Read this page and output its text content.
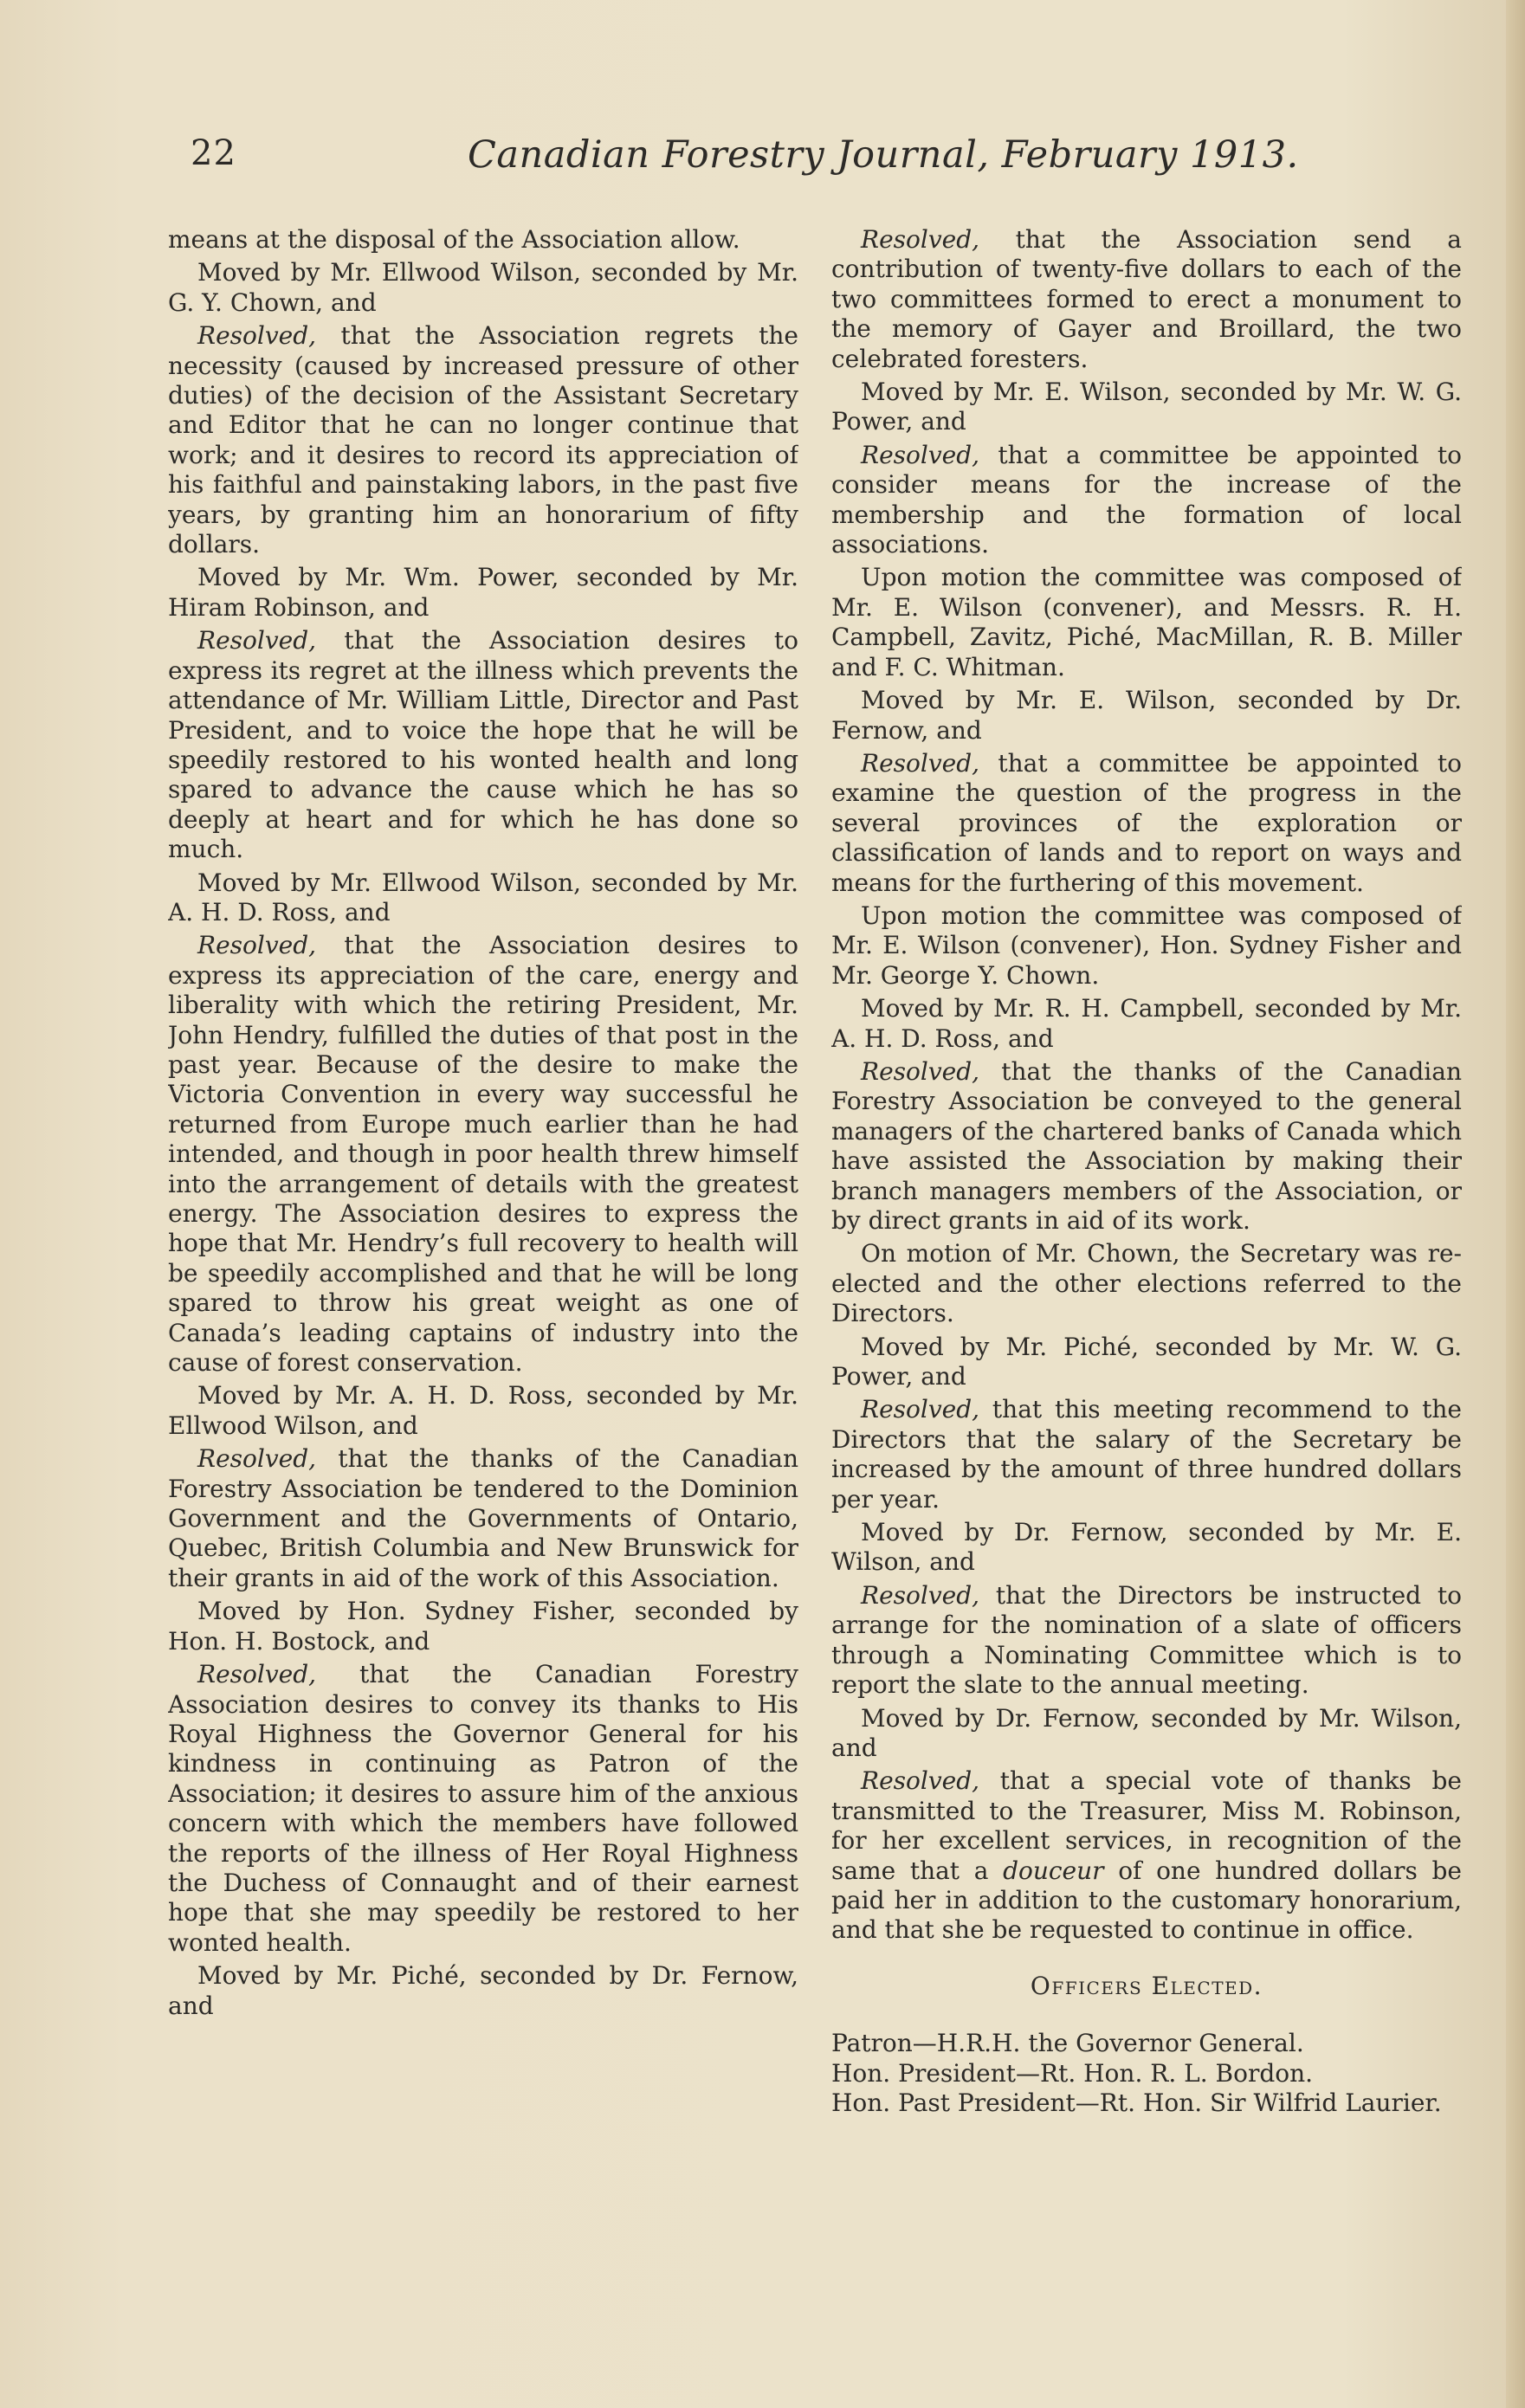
22	Canadian Forestry Journal, February 1913.

means at the disposal of the Association allow.

Moved by Mr. Ellwood Wilson, seconded by Mr. G. Y. Chown, and

Resolved, that the Association regrets the necessity (caused by increased pressure of other duties) of the decision of the Assistant Secretary and Editor that he can no longer continue that work; and it desires to record its appreciation of his faithful and painstaking labors, in the past five years, by granting him an honorarium of fifty dollars.

Moved by Mr. Wm. Power, seconded by Mr. Hiram Robinson, and

Resolved, that the Association desires to express its regret at the illness which prevents the attendance of Mr. William Little, Director and Past President, and to voice the hope that he will be speedily restored to his wonted health and long spared to advance the cause which he has so deeply at heart and for which he has done so much.

Moved by Mr. Ellwood Wilson, seconded by Mr. A. H. D. Ross, and

Resolved, that the Association desires to express its appreciation of the care, energy and liberality with which the retiring President, Mr. John Hendry, fulfilled the duties of that post in the past year. Because of the desire to make the Victoria Convention in every way successful he returned from Europe much earlier than he had intended, and though in poor health threw himself into the arrangement of details with the greatest energy. The Association desires to express the hope that Mr. Hendry’s full recovery to health will be speedily accomplished and that he will be long spared to throw his great weight as one of Canada’s leading captains of industry into the cause of forest conservation.

Moved by Mr. A. H. D. Ross, seconded by Mr. Ellwood Wilson, and

Resolved, that the thanks of the Canadian Forestry Association be tendered to the Dominion Government and the Governments of Ontario, Quebec, British Columbia and New Brunswick for their grants in aid of the work of this Association.

Moved by Hon. Sydney Fisher, seconded by Hon. H. Bostock, and

Resolved, that the Canadian Forestry Association desires to convey its thanks to His Royal Highness the Governor General for his kindness in continuing as Patron of the Association; it desires to assure him of the anxious concern with which the members have followed the reports of the illness of Her Royal Highness the Duchess of Connaught and of their earnest hope that she may speedily be restored to her wonted health.

Moved by Mr. Piché, seconded by Dr. Fernow, and

Resolved, that the Association send a contribution of twenty-five dollars to each of the two committees formed to erect a monument to the memory of Gayer and Broillard, the two celebrated foresters.

Moved by Mr. E. Wilson, seconded by Mr. W. G. Power, and

Resolved, that a committee be appointed to consider means for the increase of the membership and the formation of local associations.

Upon motion the committee was composed of Mr. E. Wilson (convener), and Messrs. R. H. Campbell, Zavitz, Piché, MacMillan, R. B. Miller and F. C. Whitman.

Moved by Mr. E. Wilson, seconded by Dr. Fernow, and

Resolved, that a committee be appointed to examine the question of the progress in the several provinces of the exploration or classification of lands and to report on ways and means for the furthering of this movement.

Upon motion the committee was composed of Mr. E. Wilson (convener), Hon. Sydney Fisher and Mr. George Y. Chown.

Moved by Mr. R. H. Campbell, seconded by Mr. A. H. D. Ross, and

Resolved, that the thanks of the Canadian Forestry Association be conveyed to the general managers of the chartered banks of Canada which have assisted the Association by making their branch managers members of the Association, or by direct grants in aid of its work.

On motion of Mr. Chown, the Secretary was re-elected and the other elections referred to the Directors.

Moved by Mr. Piché, seconded by Mr. W. G. Power, and

Resolved, that this meeting recommend to the Directors that the salary of the Secretary be increased by the amount of three hundred dollars per year.

Moved by Dr. Fernow, seconded by Mr. E. Wilson, and

Resolved, that the Directors be instructed to arrange for the nomination of a slate of officers through a Nominating Committee which is to report the slate to the annual meeting.

Moved by Dr. Fernow, seconded by Mr. Wilson, and

Resolved, that a special vote of thanks be transmitted to the Treasurer, Miss M. Robinson, for her excellent services, in recognition of the same that a douceur of one hundred dollars be paid her in addition to the customary honorarium, and that she be requested to continue in office.

Officers Elected.

Patron—H.R.H. the Governor General.

Hon. President—Rt. Hon. R. L. Bordon.

Hon. Past President—Rt. Hon. Sir Wilfrid Laurier.
